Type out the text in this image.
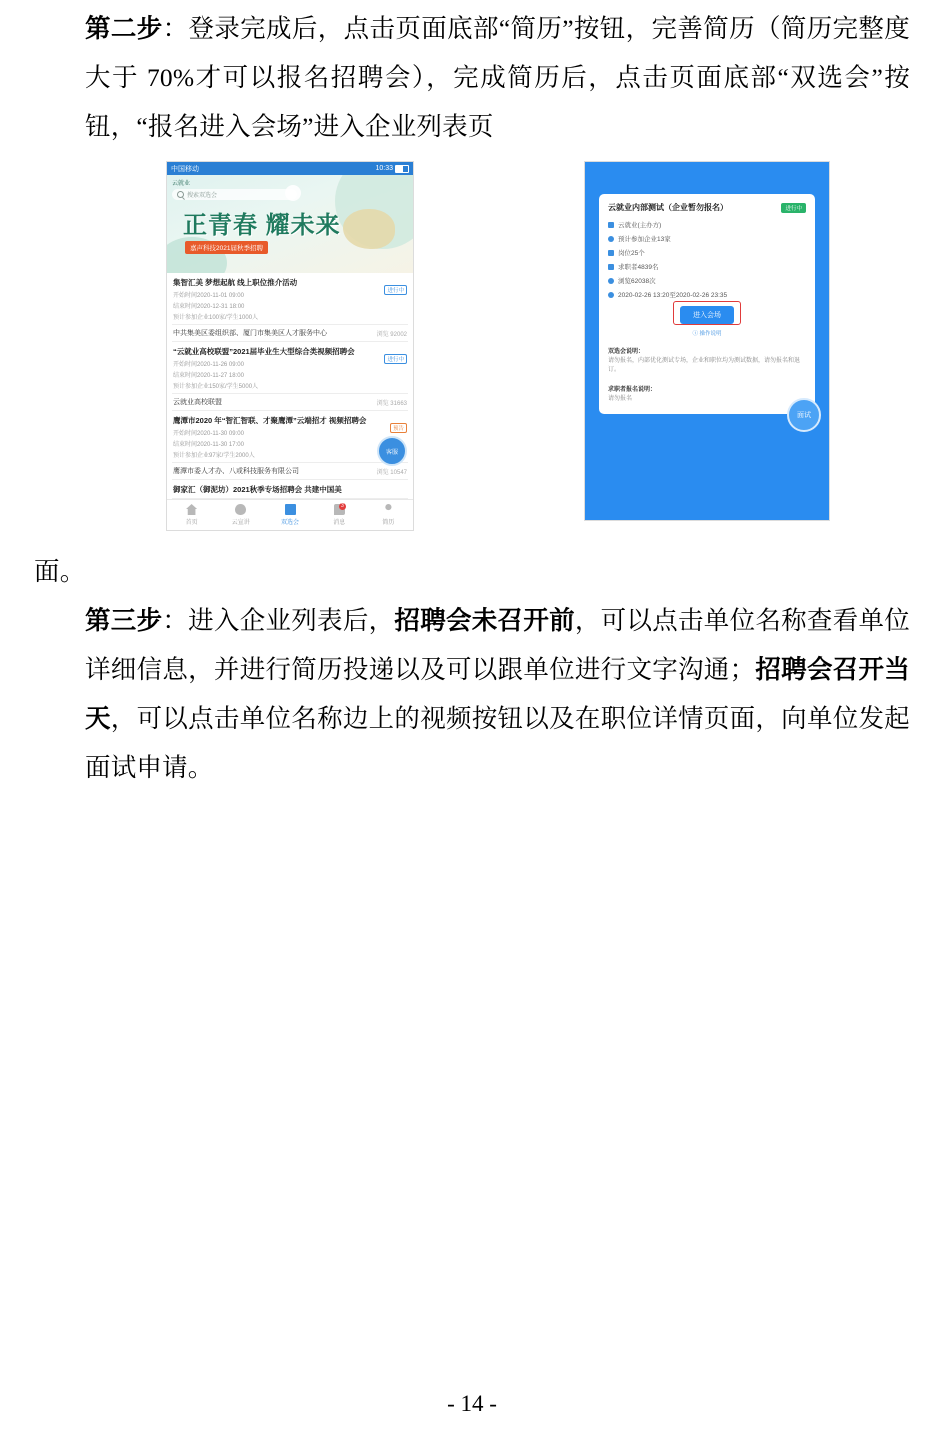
第二步：登录完成后，点击页面底部“简历”按钮，完善简历（简历完整度大于 70%才可以报名招聘会），完成简历后，点击页面底部“双选会”按钮，“报名进入会场”进入企业列表页

中国移动	10:33
云就业
搜索双选会
正青春 耀未来
嘉声科技2021届秋季招聘
集智汇美 梦想起航 线上职位推介活动
开始时间2020-11-01 09:00
结束时间2020-12-31 18:00
预计参加企业100家/学生1000人
进行中
中共集美区委组织部、厦门市集美区人才服务中心	浏览 92002
“云就业高校联盟”2021届毕业生大型综合类视频招聘会
开始时间2020-11-26 09:00
结束时间2020-11-27 18:00
预计参加企业150家/学生5000人
进行中
云就业高校联盟	浏览 31663
鹰潭市2020 年“智汇智联、才聚鹰潭”云端招才 视频招聘会
开始时间2020-11-30 09:00
结束时间2020-11-30 17:00
预计参加企业97家/学生2000人
预告
鹰潭市委人才办、八或科技服务有限公司	浏览 10547
御家汇（御泥坊）2021秋季专场招聘会 共建中国美
客服
首页	云宣讲	双选会
3
消息	简历
云就业内部测试（企业暂勿报名）	进行中
云就业(主办方)
预计参加企业13家
岗位25个
求职者4839名
浏览62038次
2020-02-26 13:20至2020-02-26 23:35
进入会场
ⓘ 操作说明
双选会说明：
请勿报名，内部优化测试专场，企业和职位均为测试数据，请勿报名和退订。
求职者报名说明：
请勿报名
面试

面。

第三步：进入企业列表后，招聘会未召开前，可以点击单位名称查看单位详细信息，并进行简历投递以及可以跟单位进行文字沟通；招聘会召开当天，可以点击单位名称边上的视频按钮以及在职位详情页面，向单位发起面试申请。

- 14 -
